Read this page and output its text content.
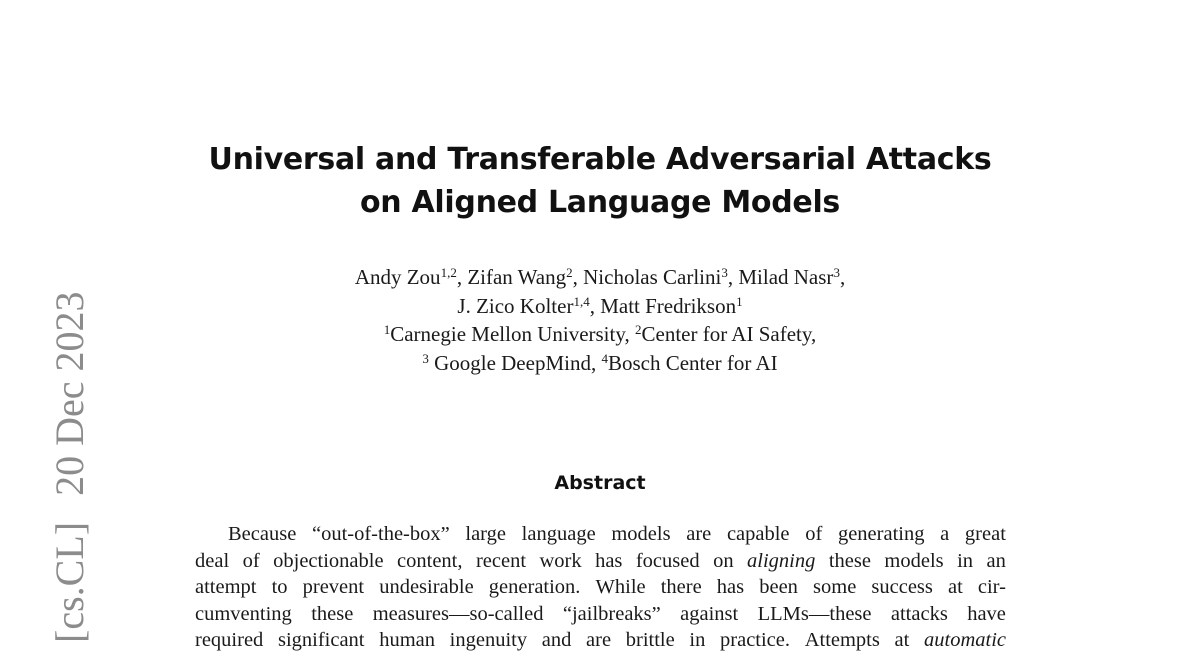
[cs.CL]
20 Dec 2023
Universal and Transferable Adversarial Attacks
on Aligned Language Models
Andy Zou$^{1,2}$, Zifan Wang$^2$, Nicholas Carlini$^3$, Milad Nasr$^3$,
J. Zico Kolter$^{1,4}$, Matt Fredrikson$^1$
$^1$Carnegie Mellon University, $^2$Center for AI Safety,
$^3$ Google DeepMind, $^4$Bosch Center for AI
Abstract
Because “out-of-the-box” large language models are capable of generating a great
deal of objectionable content, recent work has focused on aligning these models in an
attempt to prevent undesirable generation. While there has been some success at cir-
cumventing these measures—so-called “jailbreaks” against LLMs—these attacks have
required significant human ingenuity and are brittle in practice. Attempts at automatic
